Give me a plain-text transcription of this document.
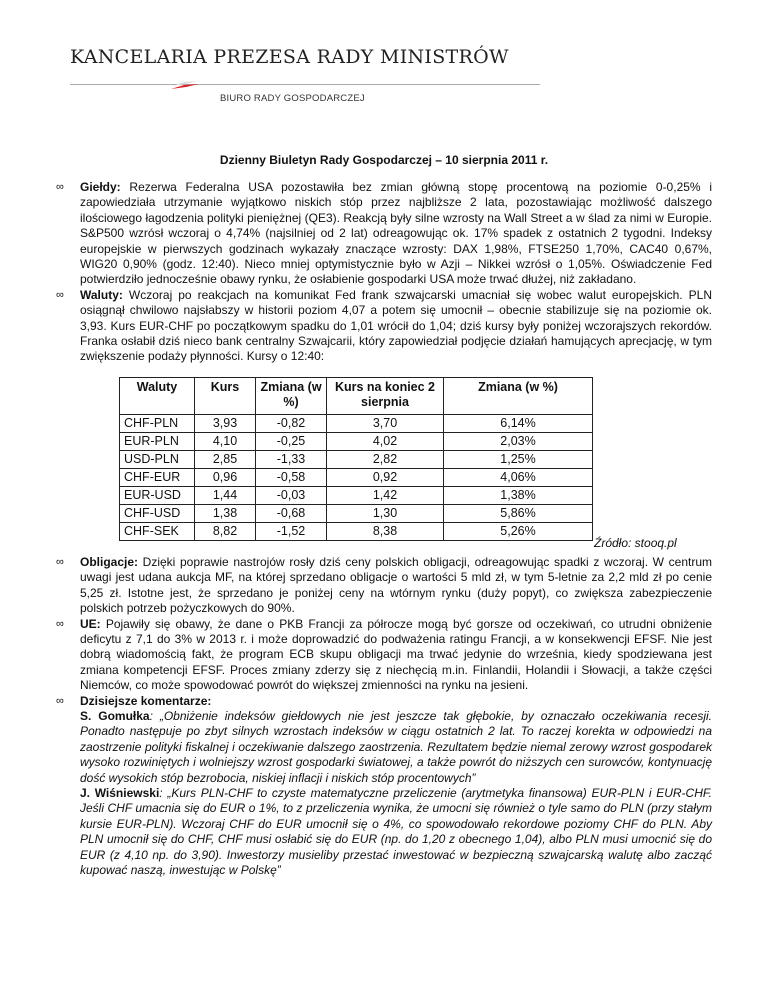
KANCELARIA PREZESA RADY MINISTRÓW
BIURO RADY GOSPODARCZEJ
Dzienny Biuletyn Rady Gospodarczej – 10 sierpnia 2011 r.

∞ Giełdy: Rezerwa Federalna USA pozostawiła bez zmian główną stopę procentową na poziomie 0-0,25% i zapowiedziała utrzymanie wyjątkowo niskich stóp przez najbliższe 2 lata, pozostawiając możliwość dalszego ilościowego łagodzenia polityki pieniężnej (QE3). Reakcją były silne wzrosty na Wall Street a w ślad za nimi w Europie. S&P500 wzrósł wczoraj o 4,74% (najsilniej od 2 lat) odreagowując ok. 17% spadek z ostatnich 2 tygodni. Indeksy europejskie w pierwszych godzinach wykazały znaczące wzrosty: DAX 1,98%, FTSE250 1,70%, CAC40 0,67%, WIG20 0,90% (godz. 12:40). Nieco mniej optymistycznie było w Azji – Nikkei wzrósł o 1,05%. Oświadczenie Fed potwierdziło jednocześnie obawy rynku, że osłabienie gospodarki USA może trwać dłużej, niż zakładano.

∞ Waluty: Wczoraj po reakcjach na komunikat Fed frank szwajcarski umacniał się wobec walut europejskich. PLN osiągnął chwilowo najsłabszy w historii poziom 4,07 a potem się umocnił – obecnie stabilizuje się na poziomie ok. 3,93. Kurs EUR-CHF po początkowym spadku do 1,01 wrócił do 1,04; dziś kursy były poniżej wczorajszych rekordów. Franka osłabił dziś nieco bank centralny Szwajcarii, który zapowiedział podjęcie działań hamujących aprecjację, w tym zwiększenie podaży płynności. Kursy o 12:40:

Waluty	Kurs	Zmiana (w %)	Kurs na koniec 2 sierpnia	Zmiana (w %)
CHF-PLN	3,93	-0,82	3,70	6,14%
EUR-PLN	4,10	-0,25	4,02	2,03%
USD-PLN	2,85	-1,33	2,82	1,25%
CHF-EUR	0,96	-0,58	0,92	4,06%
EUR-USD	1,44	-0,03	1,42	1,38%
CHF-USD	1,38	-0,68	1,30	5,86%
CHF-SEK	8,82	-1,52	8,38	5,26%
Źródło: stooq.pl

∞ Obligacje: Dzięki poprawie nastrojów rosły dziś ceny polskich obligacji, odreagowując spadki z wczoraj. W centrum uwagi jest udana aukcja MF, na której sprzedano obligacje o wartości 5 mld zł, w tym 5-letnie za 2,2 mld zł po cenie 5,25 zł. Istotne jest, że sprzedano je poniżej ceny na wtórnym rynku (duży popyt), co zwiększa zabezpieczenie polskich potrzeb pożyczkowych do 90%.

∞ UE: Pojawiły się obawy, że dane o PKB Francji za półrocze mogą być gorsze od oczekiwań, co utrudni obniżenie deficytu z 7,1 do 3% w 2013 r. i może doprowadzić do podważenia ratingu Francji, a w konsekwencji EFSF. Nie jest dobrą wiadomością fakt, że program ECB skupu obligacji ma trwać jedynie do września, kiedy spodziewana jest zmiana kompetencji EFSF. Proces zmiany zderzy się z niechęcią m.in. Finlandii, Holandii i Słowacji, a także części Niemców, co może spowodować powrót do większej zmienności na rynku na jesieni.

∞ Dzisiejsze komentarze:

S. Gomułka: „Obniżenie indeksów giełdowych nie jest jeszcze tak głębokie, by oznaczało oczekiwania recesji. Ponadto następuje po zbyt silnych wzrostach indeksów w ciągu ostatnich 2 lat. To raczej korekta w odpowiedzi na zaostrzenie polityki fiskalnej i oczekiwanie dalszego zaostrzenia. Rezultatem będzie niemal zerowy wzrost gospodarek wysoko rozwiniętych i wolniejszy wzrost gospodarki światowej, a także powrót do niższych cen surowców, kontynuację dość wysokich stóp bezrobocia, niskiej inflacji i niskich stóp procentowych”

J. Wiśniewski: „Kurs PLN-CHF to czyste matematyczne przeliczenie (arytmetyka finansowa) EUR-PLN i EUR-CHF. Jeśli CHF umacnia się do EUR o 1%, to z przeliczenia wynika, że umocni się również o tyle samo do PLN (przy stałym kursie EUR-PLN). Wczoraj CHF do EUR umocnił się o 4%, co spowodowało rekordowe poziomy CHF do PLN. Aby PLN umocnił się do CHF, CHF musi osłabić się do EUR (np. do 1,20 z obecnego 1,04), albo PLN musi umocnić się do EUR (z 4,10 np. do 3,90). Inwestorzy musieliby przestać inwestować w bezpieczną szwajcarską walutę albo zacząć kupować naszą, inwestując w Polskę”
